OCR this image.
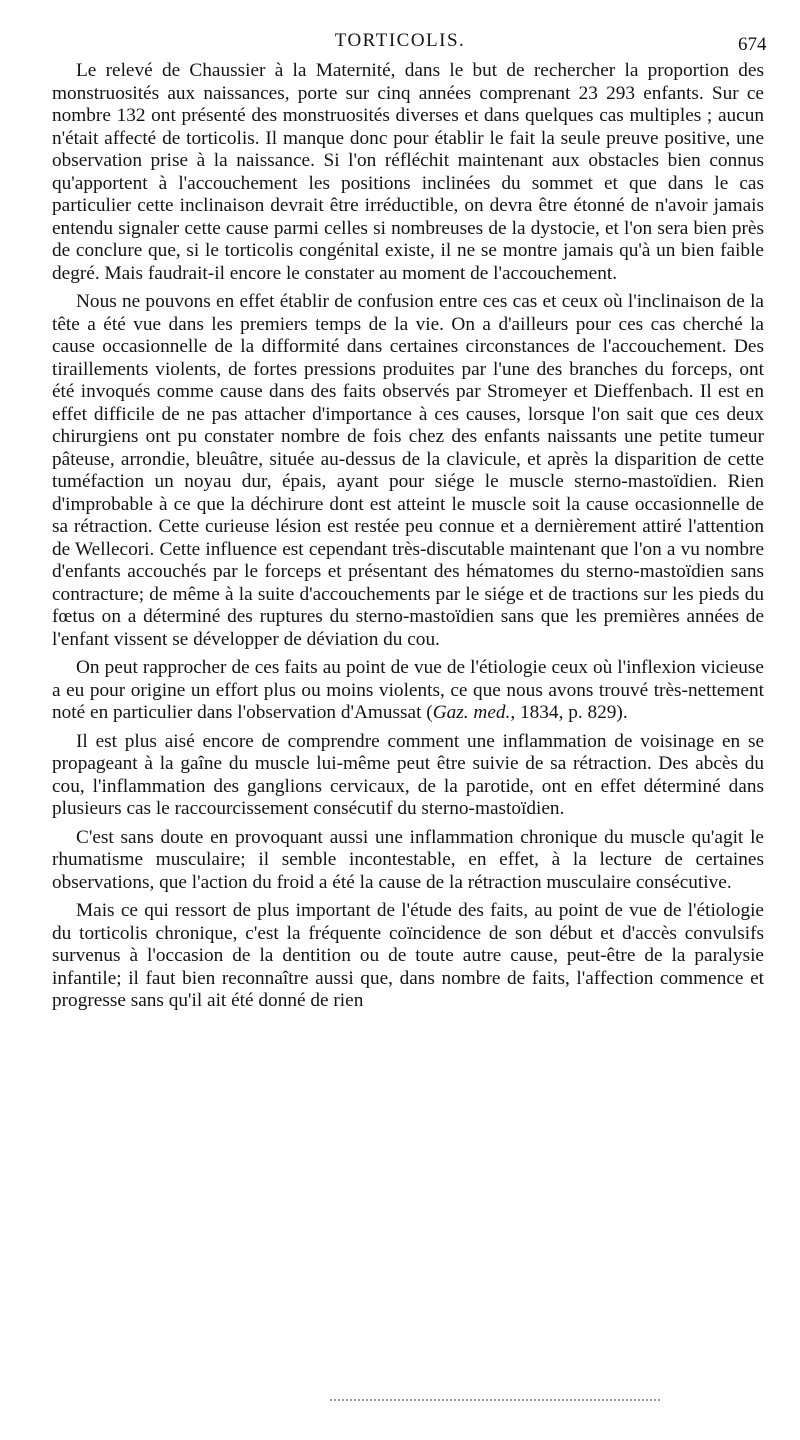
TORTICOLIS.	674

Le relevé de Chaussier à la Maternité, dans le but de rechercher la proportion des monstruosités aux naissances, porte sur cinq années comprenant 23 293 enfants. Sur ce nombre 132 ont présenté des monstruosités diverses et dans quelques cas multiples ; aucun n'était affecté de torticolis. Il manque donc pour établir le fait la seule preuve positive, une observation prise à la naissance. Si l'on réfléchit maintenant aux obstacles bien connus qu'apportent à l'accouchement les positions inclinées du sommet et que dans le cas particulier cette inclinaison devrait être irréductible, on devra être étonné de n'avoir jamais entendu signaler cette cause parmi celles si nombreuses de la dystocie, et l'on sera bien près de conclure que, si le torticolis congénital existe, il ne se montre jamais qu'à un bien faible degré. Mais faudrait-il encore le constater au moment de l'accouchement.

Nous ne pouvons en effet établir de confusion entre ces cas et ceux où l'inclinaison de la tête a été vue dans les premiers temps de la vie. On a d'ailleurs pour ces cas cherché la cause occasionnelle de la difformité dans certaines circonstances de l'accouchement. Des tiraillements violents, de fortes pressions produites par l'une des branches du forceps, ont été invoqués comme cause dans des faits observés par Stromeyer et Dieffenbach. Il est en effet difficile de ne pas attacher d'importance à ces causes, lorsque l'on sait que ces deux chirurgiens ont pu constater nombre de fois chez des enfants naissants une petite tumeur pâteuse, arrondie, bleuâtre, située au-dessus de la clavicule, et après la disparition de cette tuméfaction un noyau dur, épais, ayant pour siége le muscle sterno-mastoïdien. Rien d'improbable à ce que la déchirure dont est atteint le muscle soit la cause occasionnelle de sa rétraction. Cette curieuse lésion est restée peu connue et a dernièrement attiré l'attention de Wellecori. Cette influence est cependant très-discutable maintenant que l'on a vu nombre d'enfants accouchés par le forceps et présentant des hématomes du sterno-mastoïdien sans contracture; de même à la suite d'accouchements par le siége et de tractions sur les pieds du fœtus on a déterminé des ruptures du sterno-mastoïdien sans que les premières années de l'enfant vissent se développer de déviation du cou.

On peut rapprocher de ces faits au point de vue de l'étiologie ceux où l'inflexion vicieuse a eu pour origine un effort plus ou moins violents, ce que nous avons trouvé très-nettement noté en particulier dans l'observation d'Amussat (Gaz. med., 1834, p. 829).

Il est plus aisé encore de comprendre comment une inflammation de voisinage en se propageant à la gaîne du muscle lui-même peut être suivie de sa rétraction. Des abcès du cou, l'inflammation des ganglions cervicaux, de la parotide, ont en effet déterminé dans plusieurs cas le raccourcissement consécutif du sterno-mastoïdien.

C'est sans doute en provoquant aussi une inflammation chronique du muscle qu'agit le rhumatisme musculaire; il semble incontestable, en effet, à la lecture de certaines observations, que l'action du froid a été la cause de la rétraction musculaire consécutive.

Mais ce qui ressort de plus important de l'étude des faits, au point de vue de l'étiologie du torticolis chronique, c'est la fréquente coïncidence de son début et d'accès convulsifs survenus à l'occasion de la dentition ou de toute autre cause, peut-être de la paralysie infantile; il faut bien reconnaître aussi que, dans nombre de faits, l'affection commence et progresse sans qu'il ait été donné de rien
